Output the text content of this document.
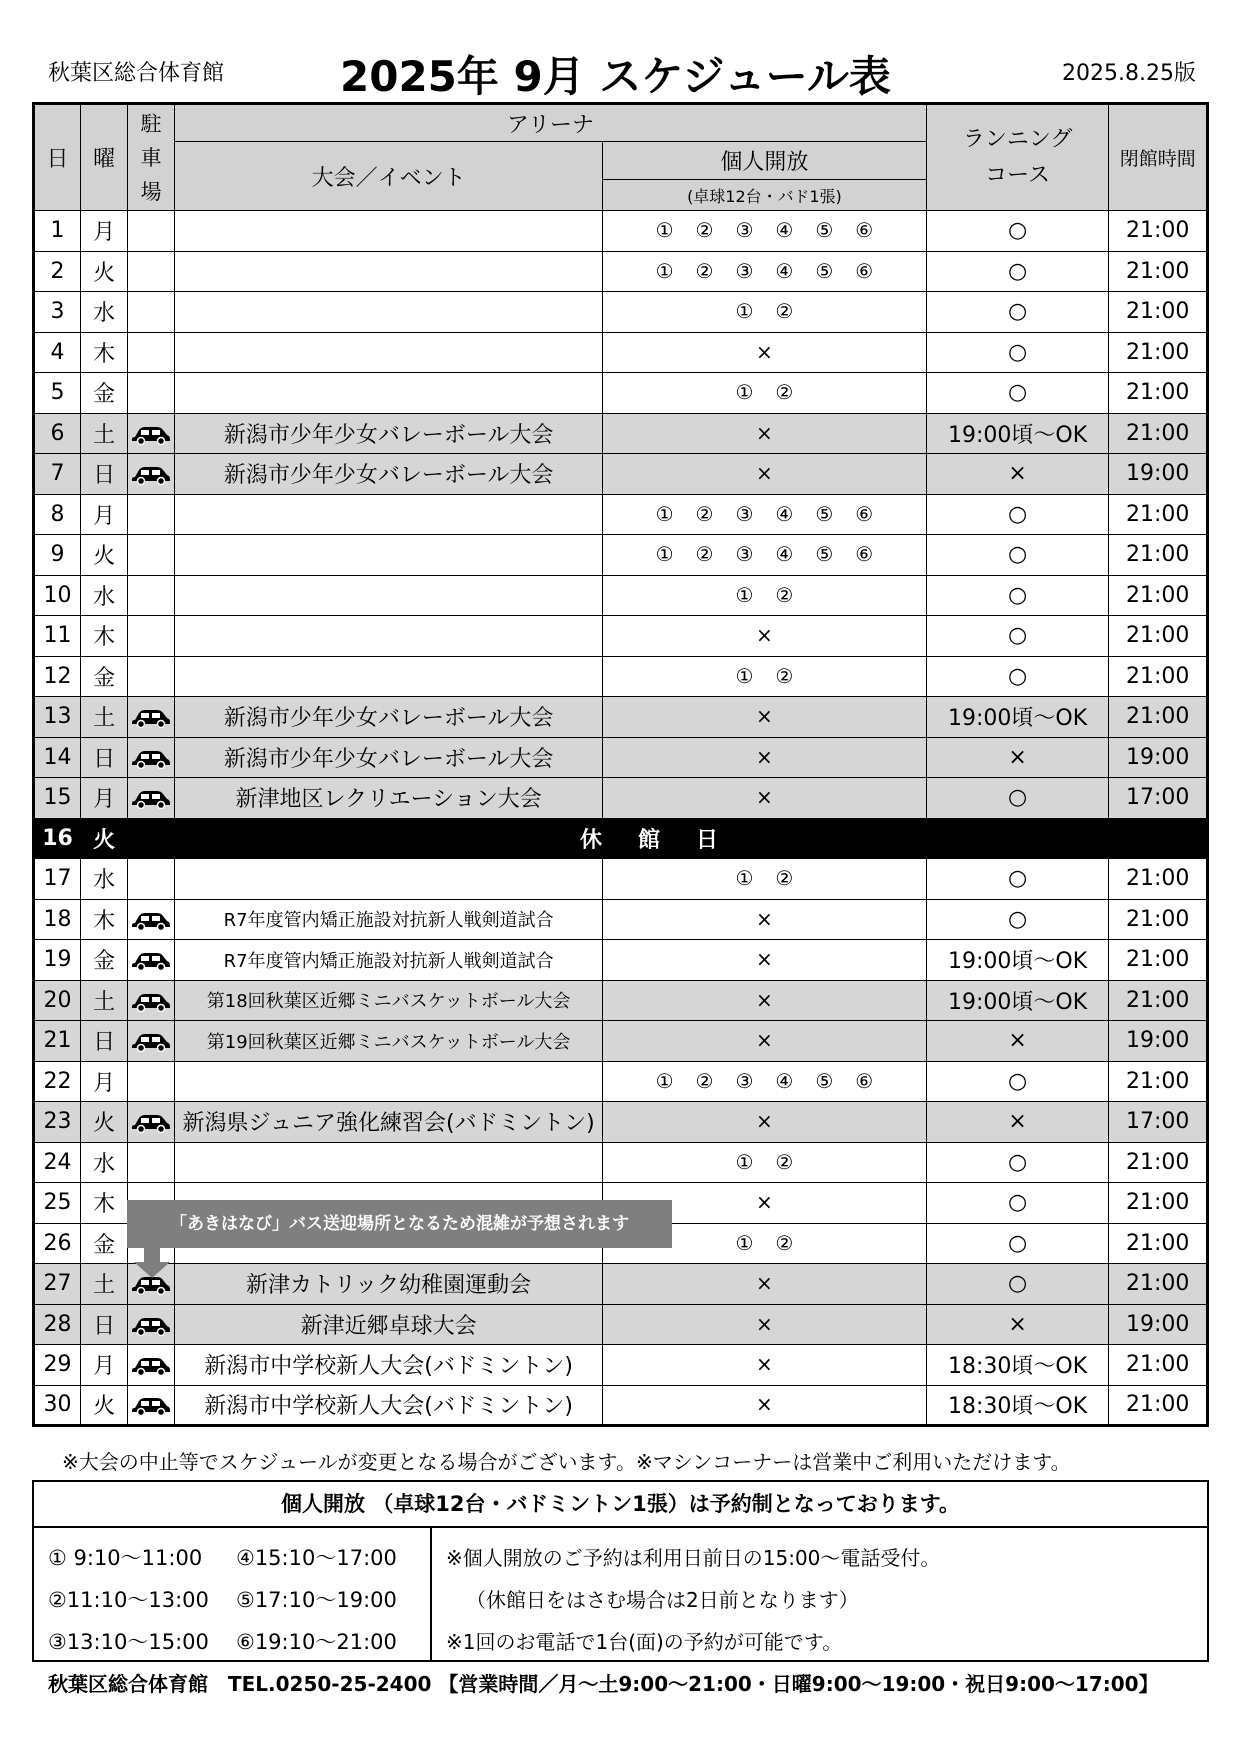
秋葉区総合体育館	2025年 9月 スケジュール表	2025.8.25版
日	曜	駐
車
場	アリーナ		ランニング
コース	閉館時間
			大会／イベント	個人開放		
				(卓球12台・バド1張)		
1	月			① ② ③ ④ ⑤ ⑥	○	21:00
2	火			① ② ③ ④ ⑤ ⑥	○	21:00
3	水			① ②	○	21:00
4	木			×	○	21:00
5	金			① ②	○	21:00
6	土		新潟市少年少女バレーボール大会	×	19:00頃～OK	21:00
7	日		新潟市少年少女バレーボール大会	×	×	19:00
8	月			① ② ③ ④ ⑤ ⑥	○	21:00
9	火			① ② ③ ④ ⑤ ⑥	○	21:00
10	水			① ②	○	21:00
11	木			×	○	21:00
12	金			① ②	○	21:00
13	土		新潟市少年少女バレーボール大会	×	19:00頃～OK	21:00
14	日		新潟市少年少女バレーボール大会	×	×	19:00
15	月		新津地区レクリエーション大会	×	○	17:00
16	火	休館日				
17	水			① ②	○	21:00
18	木		R7年度管内矯正施設対抗新人戦剣道試合	×	○	21:00
19	金		R7年度管内矯正施設対抗新人戦剣道試合	×	19:00頃～OK	21:00
20	土		第18回秋葉区近郷ミニバスケットボール大会	×	19:00頃～OK	21:00
21	日		第19回秋葉区近郷ミニバスケットボール大会	×	×	19:00
22	月			① ② ③ ④ ⑤ ⑥	○	21:00
23	火		新潟県ジュニア強化練習会(バドミントン)	×	×	17:00
24	水			① ②	○	21:00
25	木			×	○	21:00
26	金			① ②	○	21:00
27	土		新津カトリック幼稚園運動会	×	○	21:00
28	日		新津近郷卓球大会	×	×	19:00
29	月		新潟市中学校新人大会(バドミントン)	×	18:30頃～OK	21:00
30	火		新潟市中学校新人大会(バドミントン)	×	18:30頃～OK	21:00
「あきはなび」バス送迎場所となるため混雑が予想されます
※大会の中止等でスケジュールが変更となる場合がございます。※マシンコーナーは営業中ご利用いただけます。
個人開放 （卓球12台・バドミントン1張）は予約制となっております。
① 9:10～11:00 ④15:10～17:00
②11:10～13:00 ⑤17:10～19:00
③13:10～15:00 ⑥19:10～21:00
※個人開放のご予約は利用日前日の15:00～電話受付。
（休館日をはさむ場合は2日前となります）
※1回のお電話で1台(面)の予約が可能です。
秋葉区総合体育館　TEL.0250-25-2400 【営業時間／月～土9:00～21:00・日曜9:00～19:00・祝日9:00～17:00】
